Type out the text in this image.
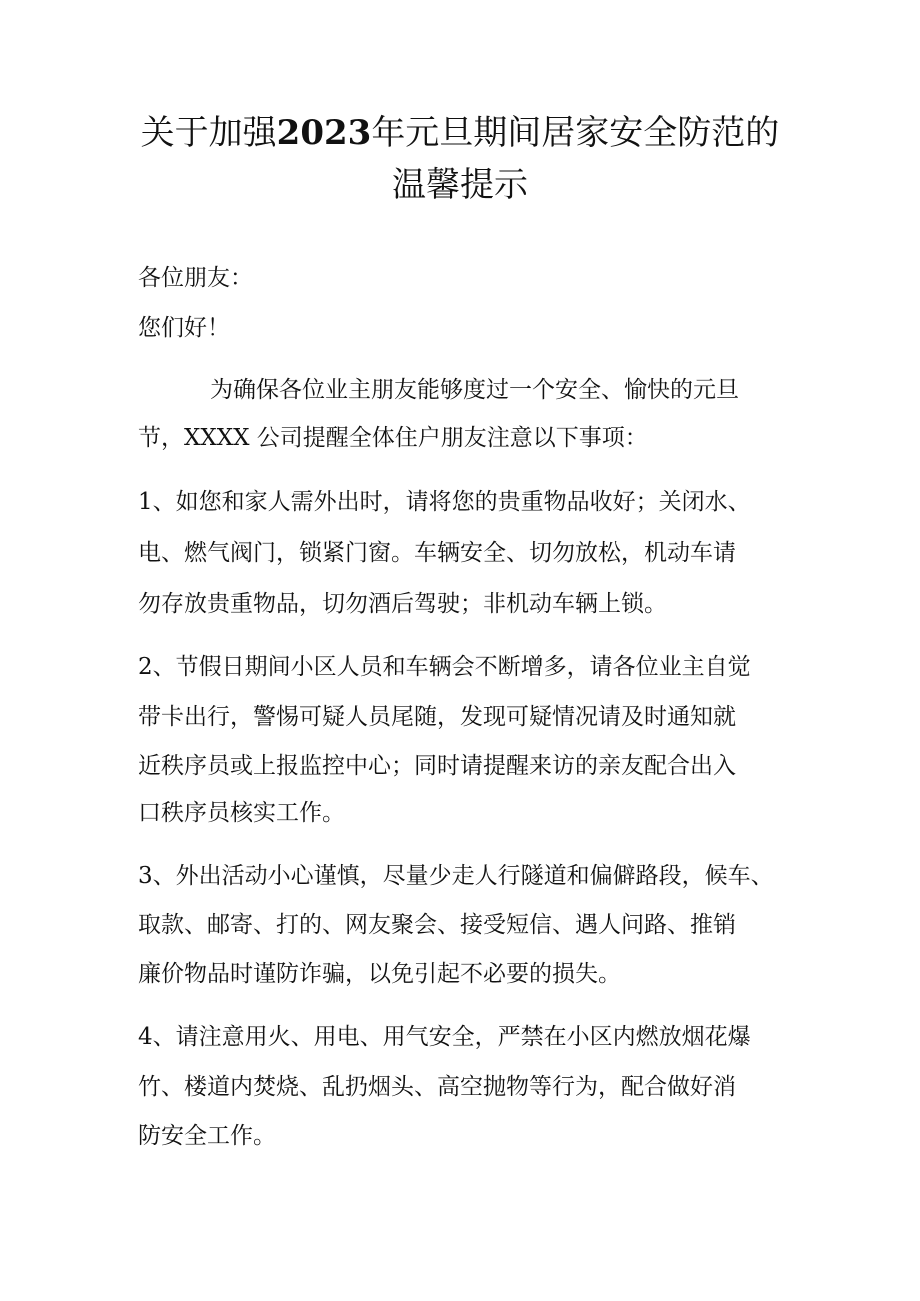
关于加强2023年元旦期间居家安全防范的
温馨提示
各位朋友：
您们好！
为确保各位业主朋友能够度过一个安全、愉快的元旦
节，XXXX 公司提醒全体住户朋友注意以下事项：
1、如您和家人需外出时，请将您的贵重物品收好；关闭水、
电、燃气阀门，锁紧门窗。车辆安全、切勿放松，机动车请
勿存放贵重物品，切勿酒后驾驶；非机动车辆上锁。
2、节假日期间小区人员和车辆会不断增多，请各位业主自觉
带卡出行，警惕可疑人员尾随，发现可疑情况请及时通知就
近秩序员或上报监控中心；同时请提醒来访的亲友配合出入
口秩序员核实工作。
3、外出活动小心谨慎，尽量少走人行隧道和偏僻路段，候车、
取款、邮寄、打的、网友聚会、接受短信、遇人问路、推销
廉价物品时谨防诈骗，以免引起不必要的损失。
4、请注意用火、用电、用气安全，严禁在小区内燃放烟花爆
竹、楼道内焚烧、乱扔烟头、高空抛物等行为，配合做好消
防安全工作。
